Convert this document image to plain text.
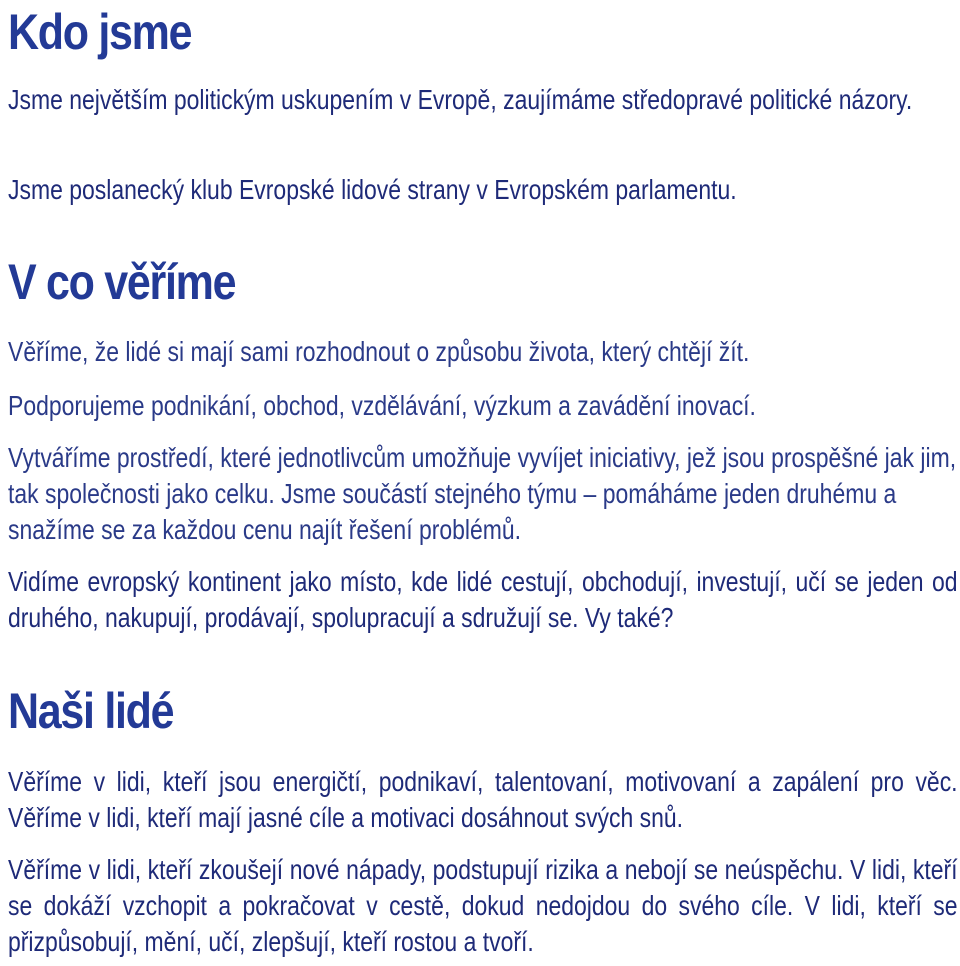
Kdo jsme

Jsme největším politickým uskupením v Evropě, zaujímáme středopravé politické názory.

Jsme poslanecký klub Evropské lidové strany v Evropském parlamentu.

V co věříme

Věříme, že lidé si mají sami rozhodnout o způsobu života, který chtějí žít.

Podporujeme podnikání, obchod, vzdělávání, výzkum a zavádění inovací.

Vytváříme prostředí, které jednotlivcům umožňuje vyvíjet iniciativy, jež jsou prospěšné jak jim, tak společnosti jako celku. Jsme součástí stejného týmu – pomáháme jeden druhému a snažíme se za každou cenu najít řešení problémů.

Vidíme evropský kontinent jako místo, kde lidé cestují, obchodují, investují, učí se jeden od druhého, nakupují, prodávají, spolupracují a sdružují se. Vy také?

Naši lidé

Věříme v lidi, kteří jsou energičtí, podnikaví, talentovaní, motivovaní a zapálení pro věc. Věříme v lidi, kteří mají jasné cíle a motivaci dosáhnout svých snů.

Věříme v lidi, kteří zkoušejí nové nápady, podstupují rizika a nebojí se neúspěchu. V lidi, kteří se dokáží vzchopit a pokračovat v cestě, dokud nedojdou do svého cíle. V lidi, kteří se přizpůsobují, mění, učí, zlepšují, kteří rostou a tvoří.
